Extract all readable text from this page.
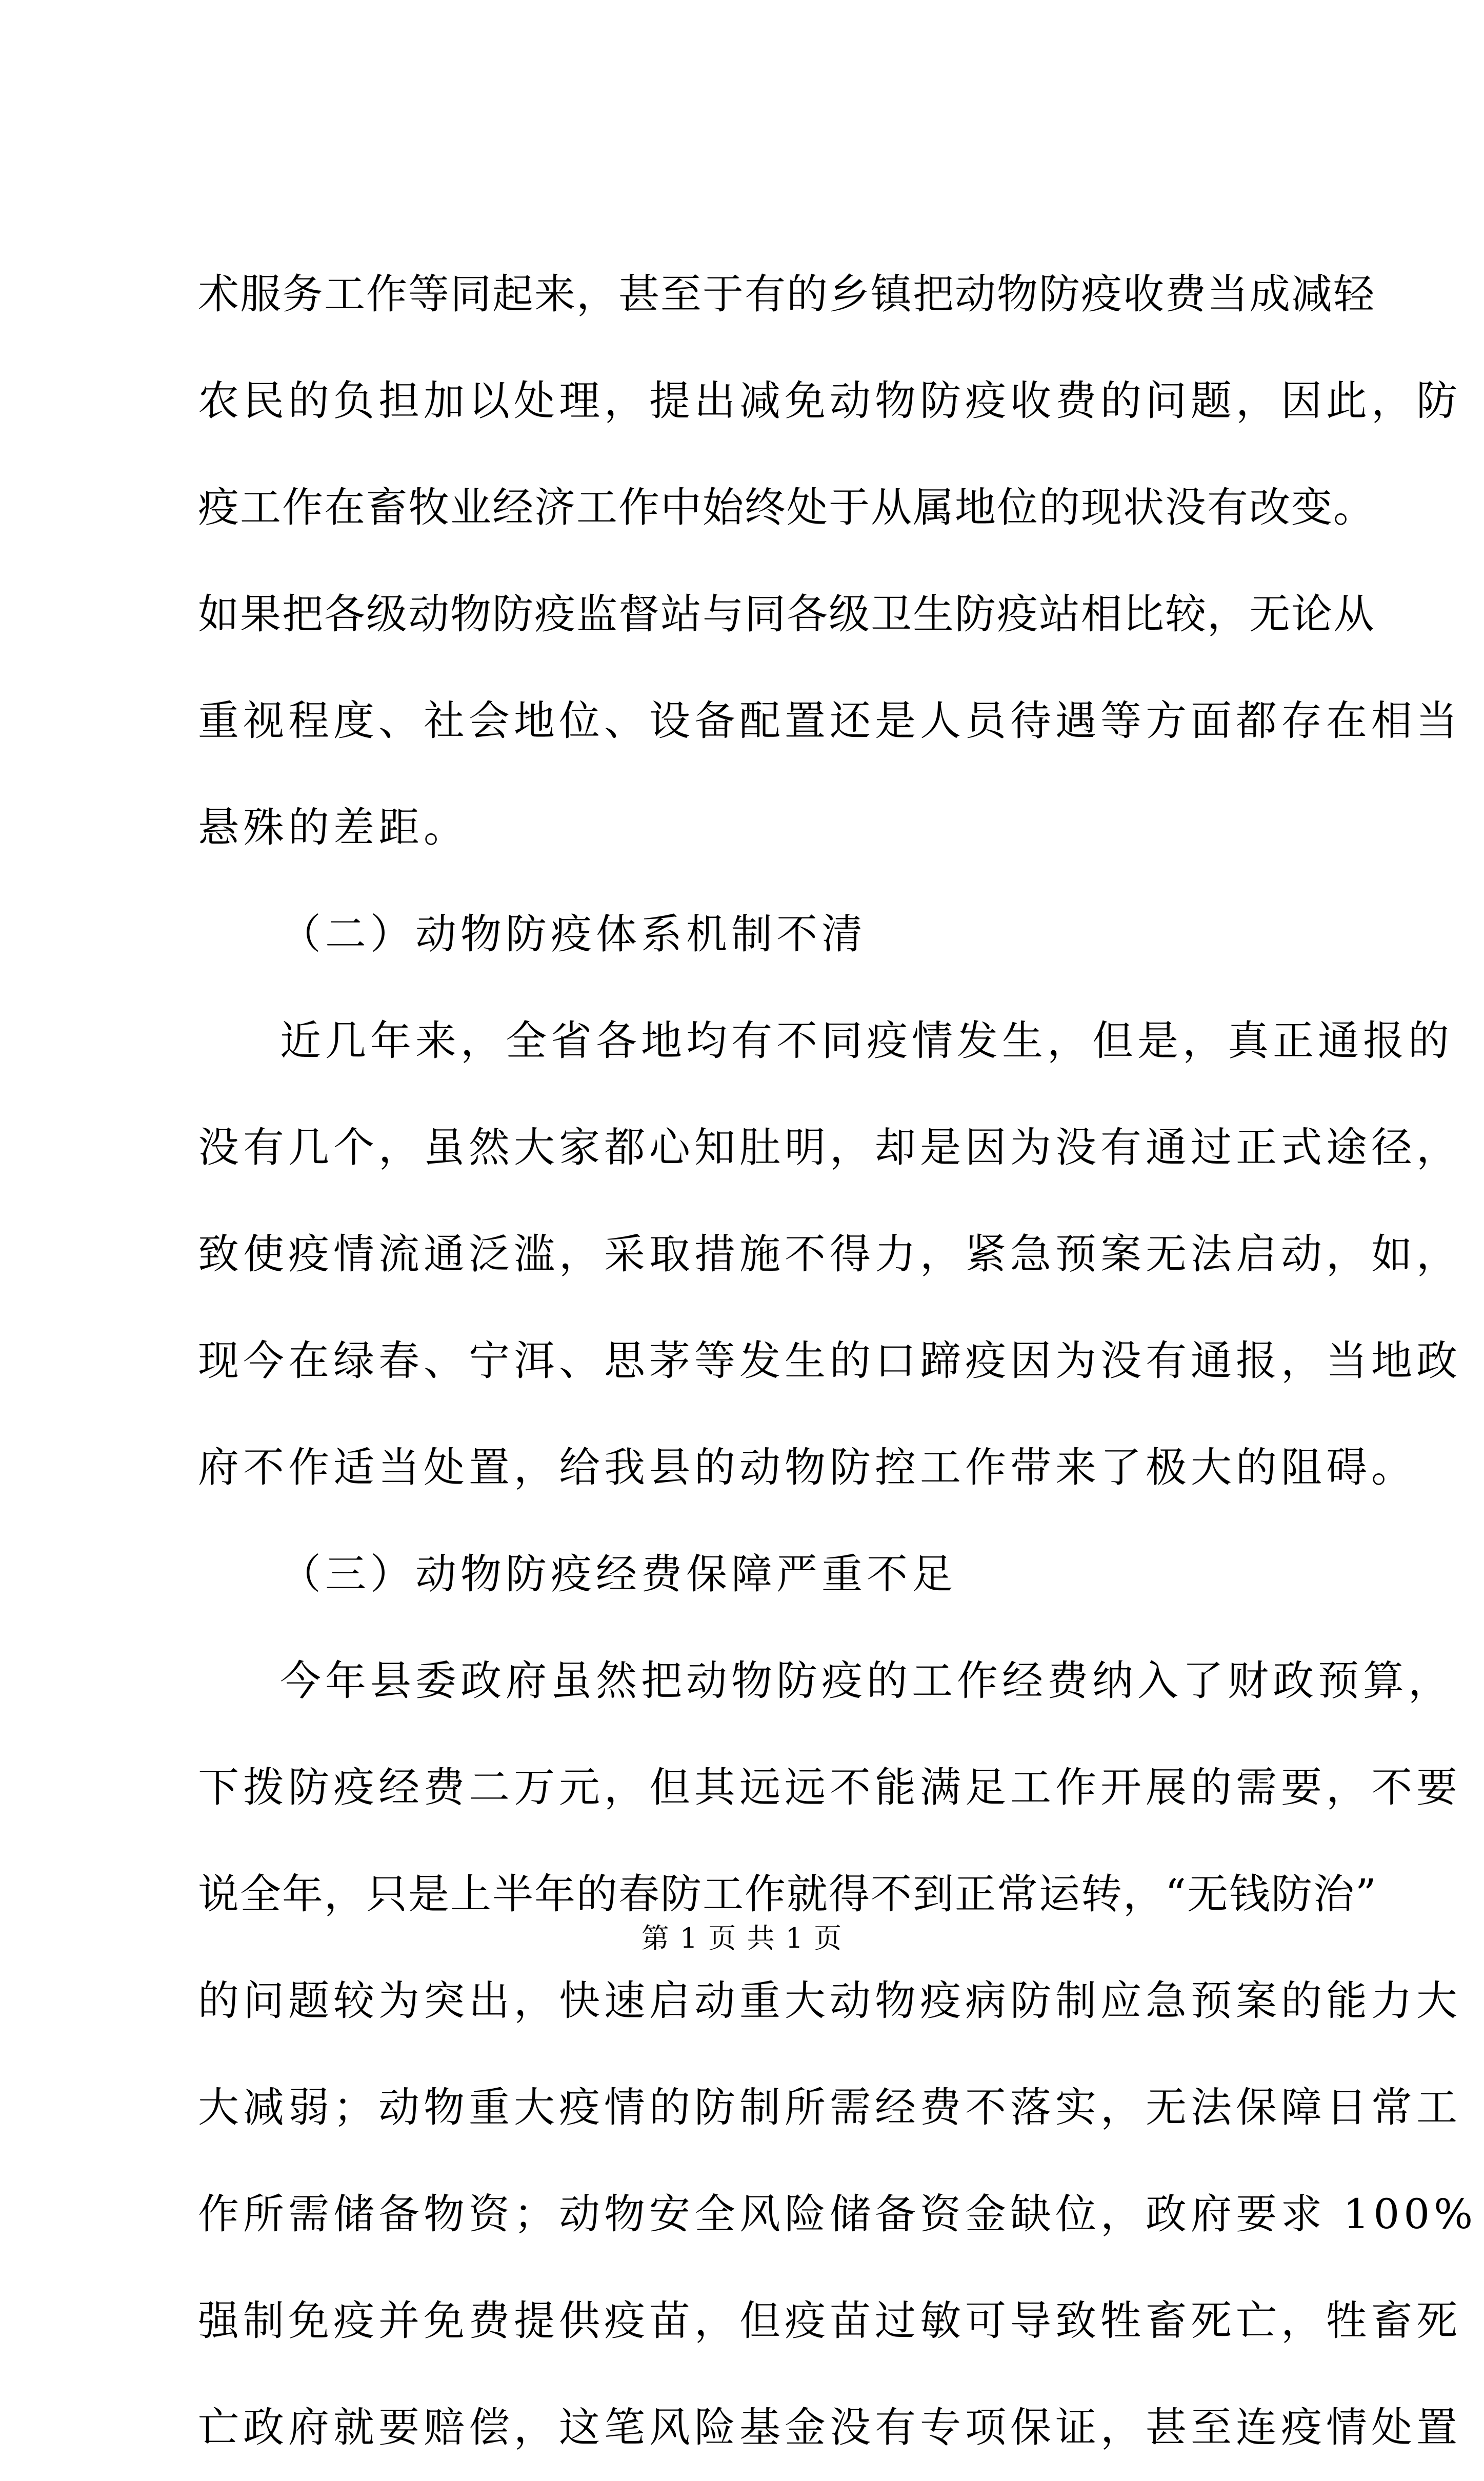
术服务工作等同起来，甚至于有的乡镇把动物防疫收费当成减轻
农民的负担加以处理，提出减免动物防疫收费的问题，因此，防
疫工作在畜牧业经济工作中始终处于从属地位的现状没有改变。
如果把各级动物防疫监督站与同各级卫生防疫站相比较，无论从
重视程度、社会地位、设备配置还是人员待遇等方面都存在相当
悬殊的差距。
（二）动物防疫体系机制不清
近几年来，全省各地均有不同疫情发生，但是，真正通报的
没有几个，虽然大家都心知肚明，却是因为没有通过正式途径，
致使疫情流通泛滥，采取措施不得力，紧急预案无法启动，如，
现今在绿春、宁洱、思茅等发生的口蹄疫因为没有通报，当地政
府不作适当处置，给我县的动物防控工作带来了极大的阻碍。
（三）动物防疫经费保障严重不足
今年县委政府虽然把动物防疫的工作经费纳入了财政预算，
下拨防疫经费二万元，但其远远不能满足工作开展的需要，不要
说全年，只是上半年的春防工作就得不到正常运转，“无钱防治”
的问题较为突出，快速启动重大动物疫病防制应急预案的能力大
大减弱；动物重大疫情的防制所需经费不落实，无法保障日常工
作所需储备物资；动物安全风险储备资金缺位，政府要求 100%
强制免疫并免费提供疫苗，但疫苗过敏可导致牲畜死亡，牲畜死
亡政府就要赔偿，这笔风险基金没有专项保证，甚至连疫情处置
第 1 页 共 1 页
